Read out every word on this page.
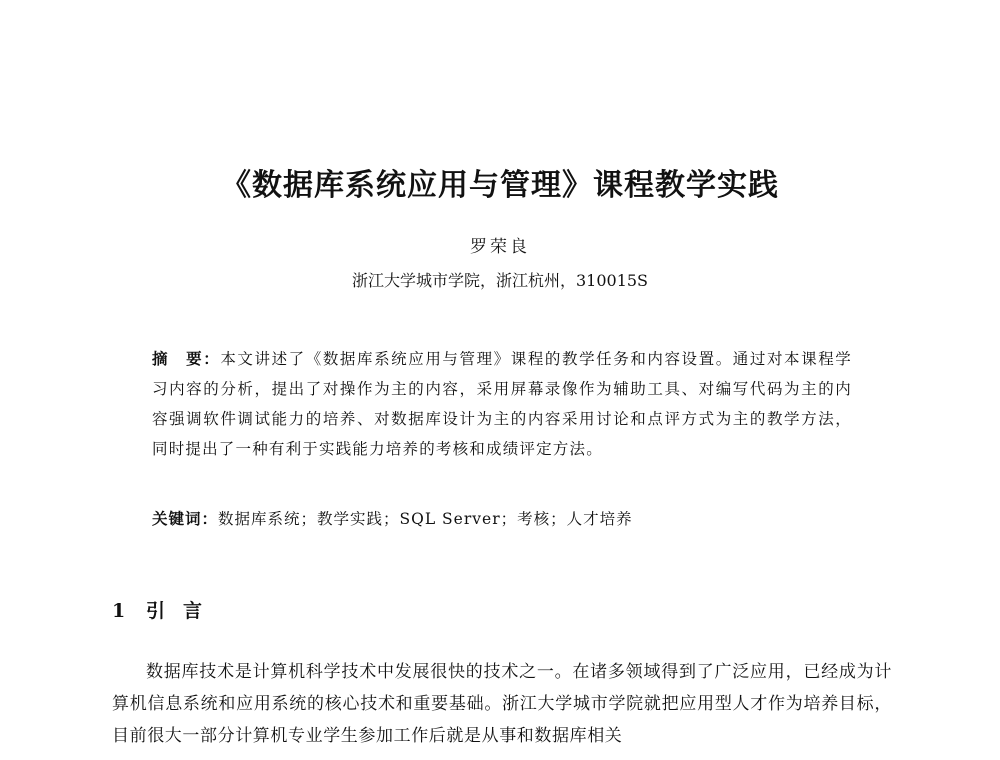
《数据库系统应用与管理》课程教学实践
罗荣良
浙江大学城市学院，浙江杭州，310015S
摘　要：本文讲述了《数据库系统应用与管理》课程的教学任务和内容设置。通过对本课程学习内容的分析，提出了对操作为主的内容，采用屏幕录像作为辅助工具、对编写代码为主的内容强调软件调试能力的培养、对数据库设计为主的内容采用讨论和点评方式为主的教学方法，同时提出了一种有利于实践能力培养的考核和成绩评定方法。
关键词：数据库系统；教学实践；SQL Server；考核；人才培养
1 引言
数据库技术是计算机科学技术中发展很快的技术之一。在诸多领域得到了广泛应用，已经成为计算机信息系统和应用系统的核心技术和重要基础。浙江大学城市学院就把应用型人才作为培养目标，目前很大一部分计算机专业学生参加工作后就是从事和数据库相关
